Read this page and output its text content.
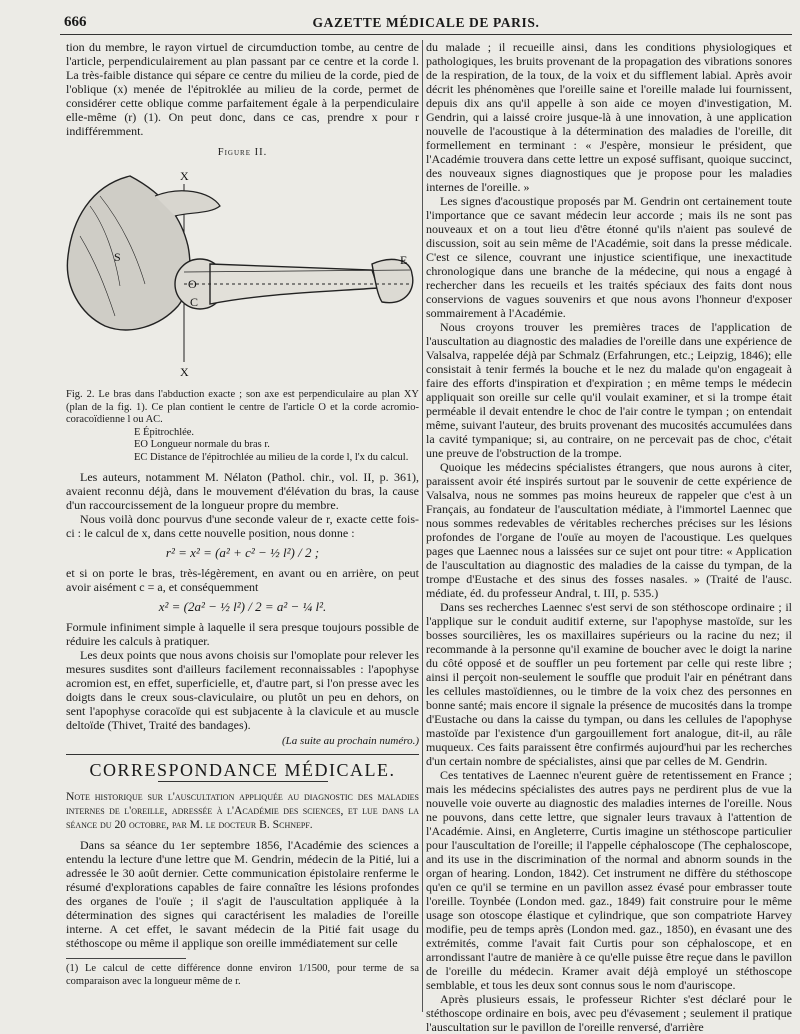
666	GAZETTE MÉDICALE DE PARIS.

tion du membre, le rayon virtuel de circumduction tombe, au centre de l'article, perpendiculairement au plan passant par ce centre et la corde l. La très-faible distance qui sépare ce centre du milieu de la corde, pied de l'oblique (x) menée de l'épitroklée au milieu de la corde, permet de considérer cette oblique comme parfaitement égale à la perpendiculaire elle-même (r) (1). On peut donc, dans ce cas, prendre x pour r indifféremment.

Figure II.
X
X
S
O
C
E

Fig. 2. Le bras dans l'abduction exacte ; son axe est perpendiculaire au plan XY (plan de la fig. 1). Ce plan contient le centre de l'article O et la corde acromio-coracoïdienne l ou AC.

E Épitrochlée.

EO Longueur normale du bras r.

EC Distance de l'épitrochlée au milieu de la corde l, l'x du calcul.

Les auteurs, notamment M. Nélaton (Pathol. chir., vol. II, p. 361), avaient reconnu déjà, dans le mouvement d'élévation du bras, la cause d'un raccourcissement de la longueur propre du membre.

Nous voilà donc pourvus d'une seconde valeur de r, exacte cette fois-ci : le calcul de x, dans cette nouvelle position, nous donne :

r² = x² = (a² + c² − ½ l²) / 2 ;

et si on porte le bras, très-légèrement, en avant ou en arrière, on peut avoir aisément c = a, et conséquemment

x² = (2a² − ½ l²) / 2 = a² − ¼ l².

Formule infiniment simple à laquelle il sera presque toujours possible de réduire les calculs à pratiquer.

Les deux points que nous avons choisis sur l'omoplate pour relever les mesures susdites sont d'ailleurs facilement reconnaissables : l'apophyse acromion est, en effet, superficielle, et, d'autre part, si l'on presse avec les doigts dans le creux sous-claviculaire, ou plutôt un peu en dehors, on sent l'apophyse coracoïde qui est subjacente à la clavicule et au muscle deltoïde (Thivet, Traité des bandages).

(La suite au prochain numéro.)
CORRESPONDANCE MÉDICALE.

Note historique sur l'auscultation appliquée au diagnostic des maladies internes de l'oreille, adressée à l'Académie des sciences, et lue dans la séance du 20 octobre, par M. le docteur B. Schnepf.

Dans sa séance du 1er septembre 1856, l'Académie des sciences a entendu la lecture d'une lettre que M. Gendrin, médecin de la Pitié, lui a adressée le 30 août dernier. Cette communication épistolaire renferme le résumé d'explorations capables de faire connaître les lésions profondes des organes de l'ouïe ; il s'agit de l'auscultation appliquée à la détermination des signes qui caractérisent les maladies de l'oreille interne. A cet effet, le savant médecin de la Pitié fait usage du stéthoscope ou même il applique son oreille immédiatement sur celle

(1) Le calcul de cette différence donne environ 1/1500, pour terme de sa comparaison avec la longueur même de r.

du malade ; il recueille ainsi, dans les conditions physiologiques et pathologiques, les bruits provenant de la propagation des vibrations sonores de la respiration, de la toux, de la voix et du sifflement labial. Après avoir décrit les phénomènes que l'oreille saine et l'oreille malade lui fournissent, depuis dix ans qu'il appelle à son aide ce moyen d'investigation, M. Gendrin, qui a laissé croire jusque-là à une innovation, à une application nouvelle de l'acoustique à la détermination des maladies de l'oreille, dit formellement en terminant : « J'espère, monsieur le président, que l'Académie trouvera dans cette lettre un exposé suffisant, quoique succinct, des nouveaux signes diagnostiques que je propose pour les maladies internes de l'oreille. »

Les signes d'acoustique proposés par M. Gendrin ont certainement toute l'importance que ce savant médecin leur accorde ; mais ils ne sont pas nouveaux et on a tout lieu d'être étonné qu'ils n'aient pas soulevé de discussion, soit au sein même de l'Académie, soit dans la presse médicale. C'est ce silence, couvrant une injustice scientifique, une inexactitude chronologique dans une branche de la médecine, qui nous a engagé à rechercher dans les recueils et les traités spéciaux des faits dont nous conservions de vagues souvenirs et que nous avons l'honneur d'exposer sommairement à l'Académie.

Nous croyons trouver les premières traces de l'application de l'auscultation au diagnostic des maladies de l'oreille dans une expérience de Valsalva, rappelée déjà par Schmalz (Erfahrungen, etc.; Leipzig, 1846); elle consistait à tenir fermés la bouche et le nez du malade qu'on engageait à faire des efforts d'inspiration et d'expiration ; en même temps le médecin appliquait son oreille sur celle qu'il voulait examiner, et si la trompe était perméable il devait entendre le choc de l'air contre le tympan ; on entendait même, suivant l'auteur, des bruits provenant des mucosités accumulées dans la cavité tympanique; si, au contraire, on ne percevait pas de choc, c'était une preuve de l'obstruction de la trompe.

Quoique les médecins spécialistes étrangers, que nous aurons à citer, paraissent avoir été inspirés surtout par le souvenir de cette expérience de Valsalva, nous ne sommes pas moins heureux de rappeler que c'est à un Français, au fondateur de l'auscultation médiate, à l'immortel Laennec que nous sommes redevables de véritables recherches précises sur les lésions profondes de l'organe de l'ouïe au moyen de l'acoustique. Les quelques pages que Laennec nous a laissées sur ce sujet ont pour titre: « Application de l'auscultation au diagnostic des maladies de la caisse du tympan, de la trompe d'Eustache et des sinus des fosses nasales. » (Traité de l'ausc. médiate, éd. du professeur Andral, t. III, p. 535.)

Dans ses recherches Laennec s'est servi de son stéthoscope ordinaire ; il l'applique sur le conduit auditif externe, sur l'apophyse mastoïde, sur les bosses sourcilières, les os maxillaires supérieurs ou la racine du nez; il recommande à la personne qu'il examine de boucher avec le doigt la narine du côté opposé et de souffler un peu fortement par celle qui reste libre ; ainsi il perçoit non-seulement le souffle que produit l'air en pénétrant dans les cellules mastoïdiennes, ou le timbre de la voix chez des personnes en bonne santé; mais encore il signale la présence de mucosités dans la trompe d'Eustache ou dans la caisse du tympan, ou dans les cellules de l'apophyse mastoïde par l'existence d'un gargouillement fort analogue, dit-il, au râle muqueux. Ces faits paraissent être confirmés aujourd'hui par les recherches d'un certain nombre de spécialistes, ainsi que par celles de M. Gendrin.

Ces tentatives de Laennec n'eurent guère de retentissement en France ; mais les médecins spécialistes des autres pays ne perdirent plus de vue la nouvelle voie ouverte au diagnostic des maladies internes de l'oreille. Nous ne pouvons, dans cette lettre, que signaler leurs travaux à l'attention de l'Académie. Ainsi, en Angleterre, Curtis imagine un stéthoscope particulier pour l'auscultation de l'oreille; il l'appelle céphaloscope (The cephaloscope, and its use in the discrimination of the normal and abnorm sounds in the organ of hearing. London, 1842). Cet instrument ne diffère du stéthoscope qu'en ce qu'il se termine en un pavillon assez évasé pour embrasser toute l'oreille. Toynbée (London med. gaz., 1849) fait construire pour le même usage son otoscope élastique et cylindrique, que son compatriote Harvey modifie, peu de temps après (London med. gaz., 1850), en évasant une des extrémités, comme l'avait fait Curtis pour son céphaloscope, et en arrondissant l'autre de manière à ce qu'elle puisse être reçue dans le pavillon de l'oreille du médecin. Kramer avait déjà employé un stéthoscope semblable, et tous les deux sont connus sous le nom d'auriscope.

Après plusieurs essais, le professeur Richter s'est déclaré pour le stéthoscope ordinaire en bois, avec peu d'évasement ; seulement il pratique l'auscultation sur le pavillon de l'oreille renversé, d'arrière
